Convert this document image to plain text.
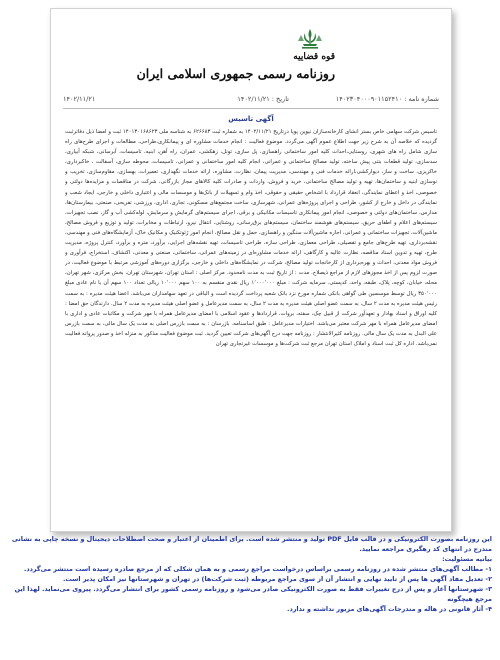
قوه قضاییه
روزنامه رسمی جمهوری اسلامی ایران
شماره نامه : ۱۴۰۲۳۰۴۰۰۰۹۰۱۱۵۲۴۱۰
تاریخ : ۱۴۰۲/۱۱/۲۱
۱۴۰۲/۱۱/۲۱
آگهی تاسیس
تاسیس شرکت سهامی خاص بستر انشای کارخانه‌سازان نیوین پویا درتاریخ ۱۴۰۲/۱۱/۲۱ به شماره ثبت ۶۲۶۶۸۳ به شناسه ملی ۱۴۰۱۳۰۱۶۸۶۲۳ ثبت و امضا ذیل دفاترثبت گردیده که خلاصه آن به شرح زیر جهت اطلاع عموم آگهی می‌گردد. موضوع فعالیت : انجام خدمات مشاوره ای و پیمانکاری،طراحی، مطالعات و اجرای طرح‌های راه سازی شامل راه های شهری، روستایی،احداث کلیه امور ساختمانی راهسازی، پل سازی، تونل، زهکشی، عمران، راه آهن، ابنیه، تاسیسات، آبرسانی، شبکه آبیاری، سدسازی، تولید قطعات بتنی پیش ساخته، تولید مصالح ساختمانی و عمرانی، انجام کلیه امور ساختمانی و عمرانی، تاسیسات، محوطه سازی، آسفالت ، خاکبرداری، خاکریزی، ساخت و ساز، دیوارکشی،ارائه خدمات فنی و مهندسی، مدیریت پیمان، نظارت، مشاوره، ارائه خدمات نگهداری، تعمیرات، بهسازی، مقاوم‌سازی، تخریب و نوسازی ابنیه و ساختمان‌ها، تهیه و تولید مصالح ساختمانی، خرید و فروش، واردات و صادرات کلیه کالاهای مجاز بازرگانی، شرکت در مناقصات و مزایده‌ها دولتی و خصوصی، اخذ و اعطای نمایندگی، انعقاد قرارداد با اشخاص حقیقی و حقوقی، اخذ وام و تسهیلات از بانک‌ها و موسسات مالی و اعتباری داخلی و خارجی، ایجاد شعب و نمایندگی در داخل و خارج از کشور، طراحی و اجرای پروژه‌های عمرانی، شهرسازی، ساخت مجتمع‌های مسکونی، تجاری، اداری، ورزشی، تفریحی، صنعتی، بیمارستان‌ها، مدارس، ساختمان‌های دولتی و خصوصی، انجام امور پیمانکاری تاسیسات مکانیکی و برقی، اجرای سیستم‌های گرمایش و سرمایش، لوله‌کشی آب و گاز، نصب تجهیزات، سیستم‌های اعلام و اطفای حریق، سیستم‌های هوشمند ساختمان، سیستم‌های برق‌رسانی، روشنایی، انتقال نیرو، ارتباطات و مخابرات، تولید و توزیع و فروش مصالح، ماشین‌آلات، تجهیزات ساختمانی و عمرانی، اجاره ماشین‌آلات سنگین و راهسازی، حمل و نقل مصالح، انجام امور ژئوتکنیک و مکانیک خاک، آزمایشگاه‌های فنی و مهندسی، نقشه‌برداری، تهیه طرح‌های جامع و تفصیلی، طراحی معماری، طراحی سازه، طراحی تاسیسات، تهیه نقشه‌های اجرایی، برآورد، متره و برآورد، کنترل پروژه، مدیریت طرح، تهیه و تدوین اسناد مناقصه، نظارت عالیه و کارگاهی، ارائه خدمات مشاوره‌ای در زمینه‌های عمرانی، ساختمانی، صنعتی و معدنی، اکتشاف، استخراج، فرآوری و فروش مواد معدنی، احداث و بهره‌برداری از کارخانجات تولید مصالح، شرکت در نمایشگاه‌های داخلی و خارجی، برگزاری دوره‌های آموزشی مرتبط با موضوع فعالیت، در صورت لزوم پس از اخذ مجوزهای لازم از مراجع ذیصلاح. مدت : از تاریخ ثبت به مدت نامحدود. مرکز اصلی : استان تهران، شهرستان تهران، بخش مرکزی، شهر تهران، محله، خیابان، کوچه، پلاک، طبقه، واحد، کدپستی. سرمایه شرکت : مبلغ ۱٬۰۰۰٬۰۰۰ ریال نقدی منقسم به ۱۰۰ سهم ۱۰٬۰۰۰ ریالی تعداد ۱۰۰ سهم آن با نام عادی مبلغ ۳۵۰٬۰۰۰ ریال توسط موسسین طی گواهی بانکی شماره مورخ نزد بانک شعبه پرداخت گردیده است و الباقی در تعهد سهامداران می‌باشد. اعضا هیئت مدیره : به سمت رئیس هیئت مدیره به مدت ۲ سال، به سمت عضو اصلی هیئت مدیره به مدت ۲ سال، به سمت مدیرعامل و عضو اصلی هیئت مدیره به مدت ۲ سال. دارندگان حق امضا : کلیه اوراق و اسناد بهادار و تعهدآور شرکت از قبیل چک، سفته، بروات، قراردادها و عقود اسلامی با امضای مدیرعامل همراه با مهر شرکت و مکاتبات عادی و اداری با امضای مدیرعامل همراه با مهر شرکت معتبر می‌باشد. اختیارات مدیرعامل : طبق اساسنامه. بازرسان : به سمت بازرس اصلی به مدت یک سال مالی، به سمت بازرس علی البدل به مدت یک سال مالی. روزنامه کثیرالانتشار : روزنامه جهت درج آگهی‌های شرکت تعیین گردید. ثبت موضوع فعالیت مذکور به منزله اخذ و صدور پروانه فعالیت نمی‌باشد. اداره کل ثبت اسناد و املاک استان تهران مرجع ثبت شرکت‌ها و موسسات غیرتجاری تهران

این روزنامه بصورت الکترونیکی و در قالب فایل PDF تولید و منتشر شده است. برای اطمینان از اعتبار و صحت اصطلاحات دیجیتال و نسخه چاپی به نشانی مندرج در انتهای کد رهگیری مراجعه نمایید.

بیانیه مسئولیت:

۱- مطالب آگهی‌های منتشر شده در روزنامه رسمی براساس درخواست مراجع رسمی و به همان شکلی که از مرجع صادره رسیده است منتشر می‌گردد.

۲- تعدیل مفاد آگهی ها پس از تایید نهایی و انتشار آن از سوی مراجع مربوطه (ثبت شرکت‌ها) در تهران و شهرستانها نیز امکان پذیر است.

۳- شهرستانها آغاز و پس از درج تغییرات فقط به صورت الکترونیکی صادر می‌شود و روزنامه رسمی کشور برای انتشار می‌گردد. پیروی می‌نماید. لهذا این مرجع هیچگونه

۴- آثار قانونی در هاله و مندرجات آگهی‌های مزبور نداشته و ندارد.
